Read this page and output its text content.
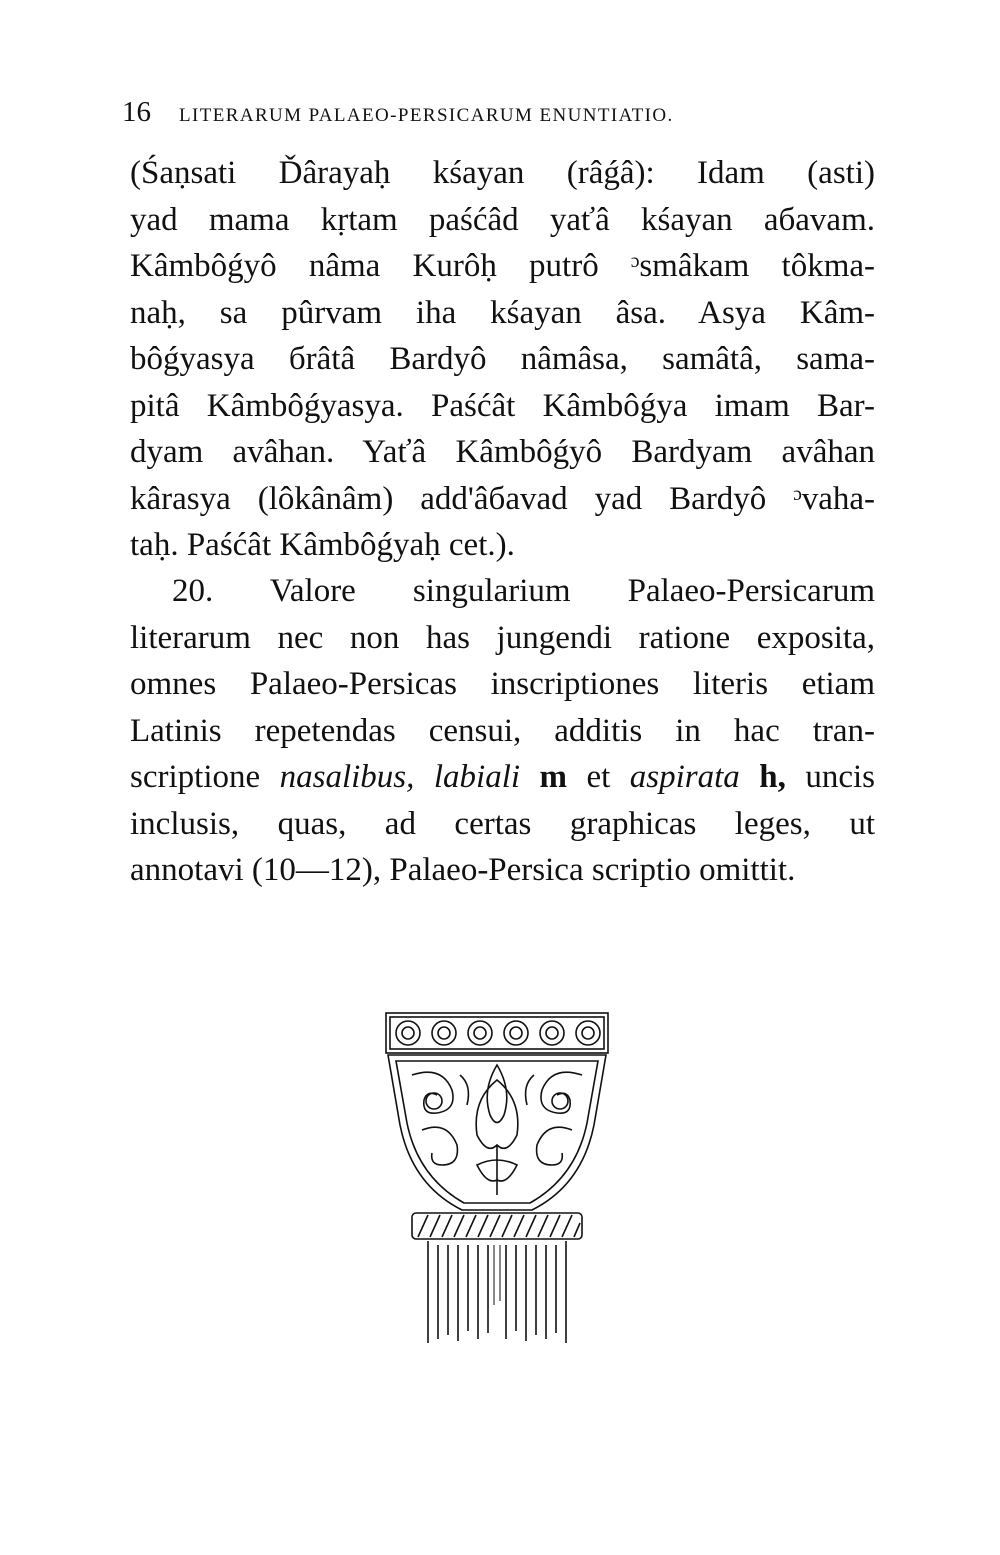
16 LITERARUM PALAEO-PERSICARUM ENUNTIATIO.
(Śaṇsati Ďârayaḥ kśayan (râǵâ): Idam (asti)
yad mama kṛtam paśćâd yaťâ kśayan aбavam.
Kâmbôǵyô nâma Kurôḥ putrô ᵓsmâkam tôkma-
naḥ, sa pûrvam iha kśayan âsa. Asya Kâm-
bôǵyasya бrâtâ Bardyô nâmâsa, samâtâ, sama-
pitâ Kâmbôǵyasya. Paśćât Kâmbôǵya imam Bar-
dyam avâhan. Yaťâ Kâmbôǵyô Bardyam avâhan
kârasya (lôkânâm) add'âбavad yad Bardyô ᵓvaha-
taḥ. Paśćât Kâmbôǵyaḥ cet.).
20. Valore singularium Palaeo-Persicarum
literarum nec non has jungendi ratione exposita,
omnes Palaeo-Persicas inscriptiones literis etiam
Latinis repetendas censui, additis in hac tran-
scriptione nasalibus, labiali m et aspirata h, uncis
inclusis, quas, ad certas graphicas leges, ut
annotavi (10—12), Palaeo-Persica scriptio omittit.
